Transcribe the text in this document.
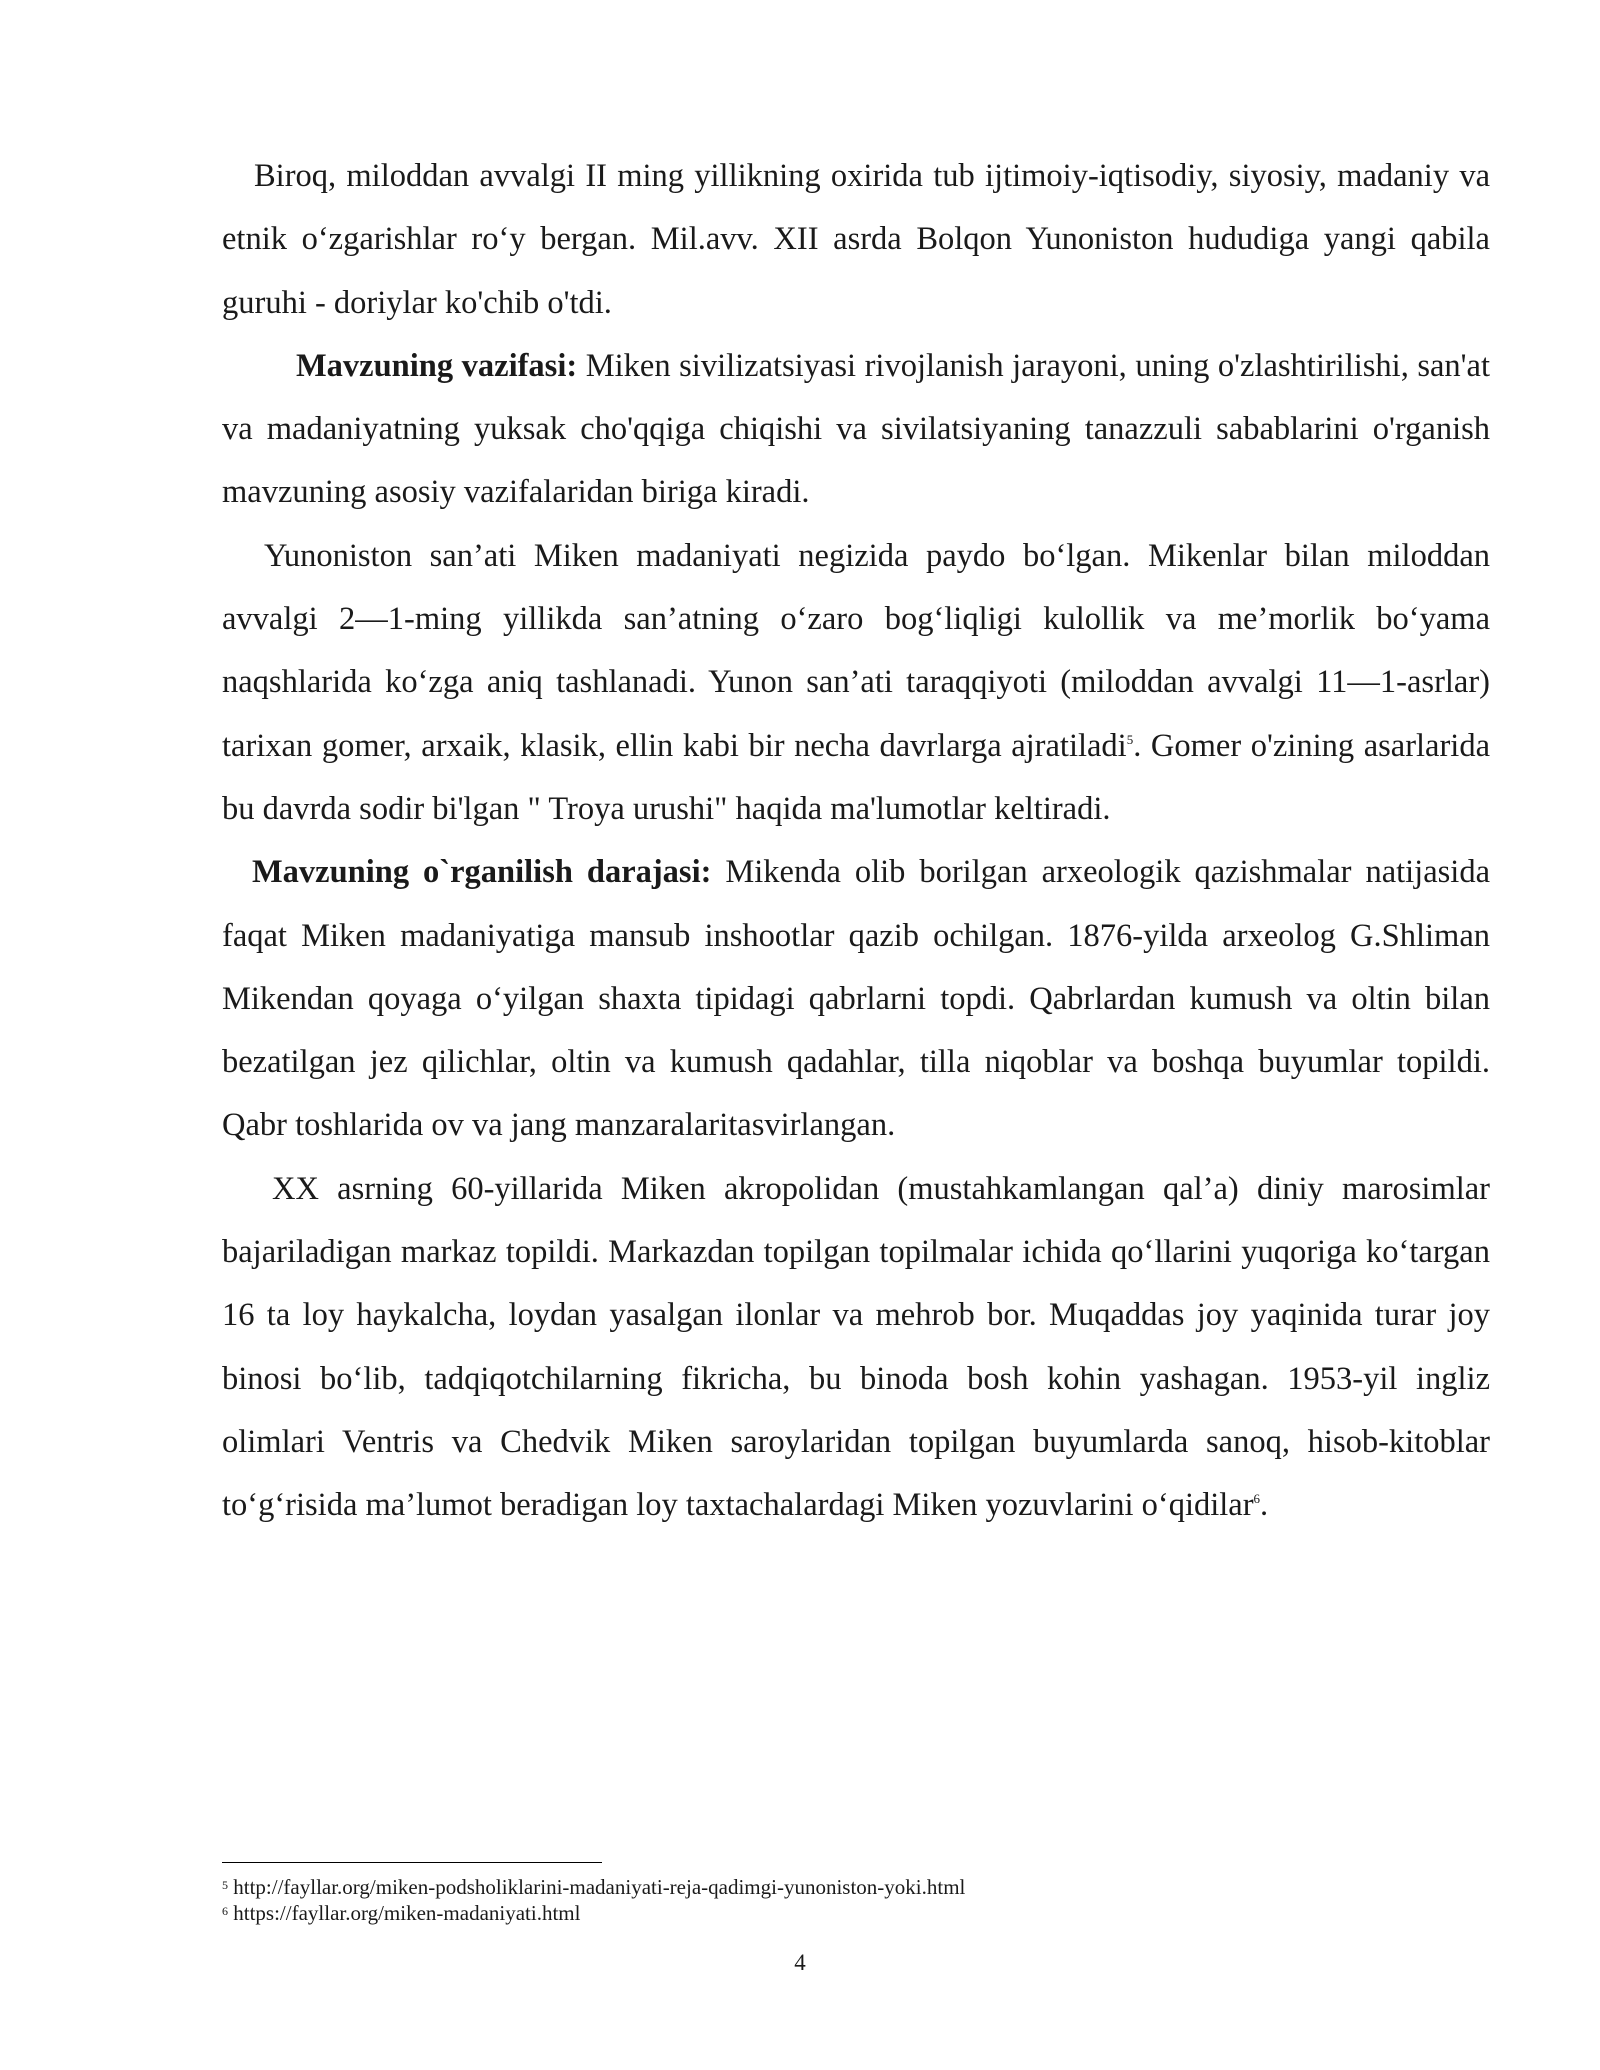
Biroq, miloddan avvalgi II ming yillikning oxirida tub ijtimoiy-iqtisodiy, siyosiy, madaniy va etnik o‘zgarishlar ro‘y bergan. Mil.avv. XII asrda Bolqon Yunoniston hududiga yangi qabila guruhi - doriylar ko'chib o'tdi.

Mavzuning vazifasi: Miken sivilizatsiyasi rivojlanish jarayoni, uning o'zlashtirilishi, san'at va madaniyatning yuksak cho'qqiga chiqishi va sivilatsiyaning tanazzuli sabablarini o'rganish mavzuning asosiy vazifalaridan biriga kiradi.

Yunoniston san’ati Miken madaniyati negizida paydo bo‘lgan. Mikenlar bilan miloddan avvalgi 2—1-ming yillikda san’atning o‘zaro bog‘liqligi kulollik va me’morlik bo‘yama naqshlarida ko‘zga aniq tashlanadi. Yunon san’ati taraqqiyoti (miloddan avvalgi 11—1-asrlar) tarixan gomer, arxaik, klasik, ellin kabi bir necha davrlarga ajratiladi$^5$. Gomer o'zining asarlarida bu davrda sodir bi'lgan " Troya urushi" haqida ma'lumotlar keltiradi.

Mavzuning o`rganilish darajasi: Mikenda olib borilgan arxeologik qazishmalar natijasida faqat Miken madaniyatiga mansub inshootlar qazib ochilgan. 1876-yilda arxeolog G.Shliman Mikendan qoyaga o‘yilgan shaxta tipidagi qabrlarni topdi. Qabrlardan kumush va oltin bilan bezatilgan jez qilichlar, oltin va kumush qadahlar, tilla niqoblar va boshqa buyumlar topildi. Qabr toshlarida ov va jang manzaralaritasvirlangan.

XX asrning 60-yillarida Miken akropolidan (mustahkamlangan qal’a) diniy marosimlar bajariladigan markaz topildi. Markazdan topilgan topilmalar ichida qo‘llarini yuqoriga ko‘targan 16 ta loy haykalcha, loydan yasalgan ilonlar va mehrob bor. Muqaddas joy yaqinida turar joy binosi bo‘lib, tadqiqotchilarning fikricha, bu binoda bosh kohin yashagan. 1953-yil ingliz olimlari Ventris va Chedvik Miken saroylaridan topilgan buyumlarda sanoq, hisob-kitoblar to‘g‘risida ma’lumot beradigan loy taxtachalardagi Miken yozuvlarini o‘qidilar$^6$.

$^5$ http://fayllar.org/miken-podsholiklarini-madaniyati-reja-qadimgi-yunoniston-yoki.html

$^6$ https://fayllar.org/miken-madaniyati.html

4
